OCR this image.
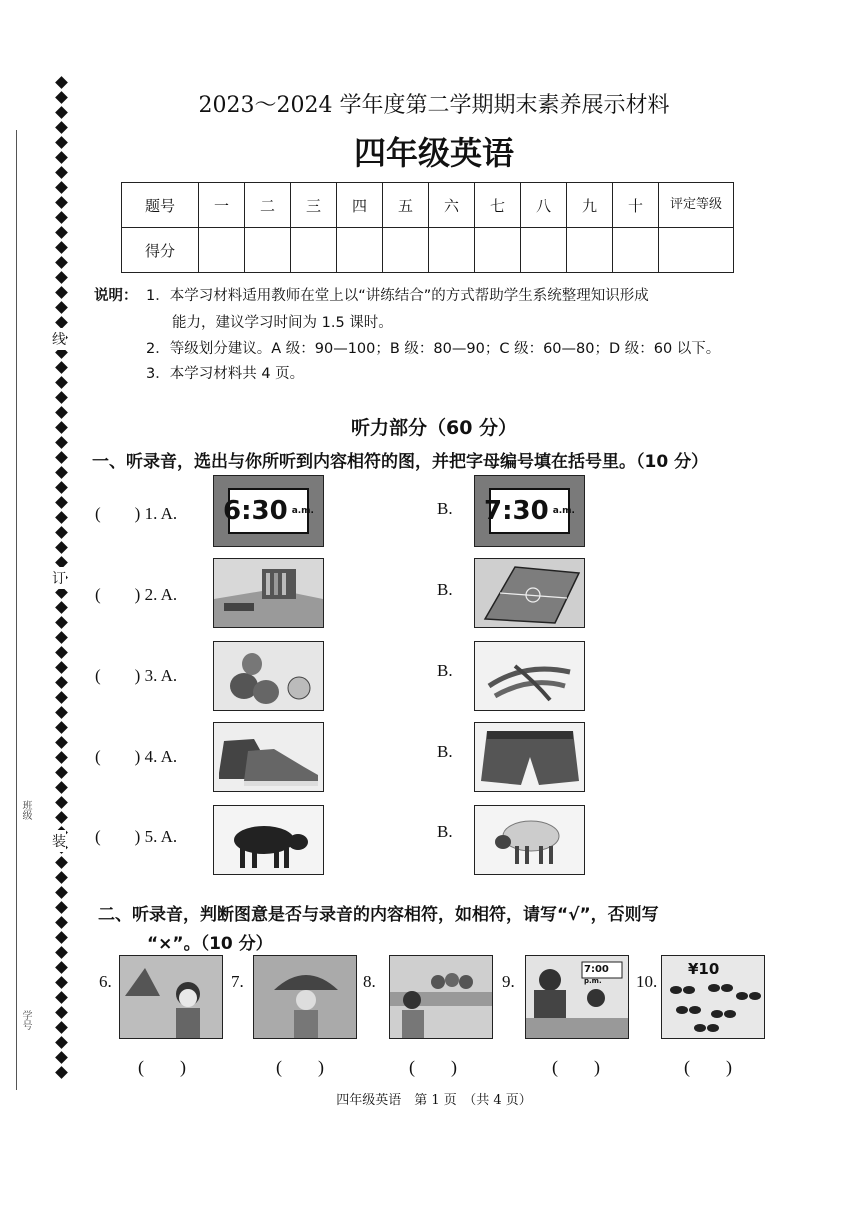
班级
学号
线
订
装
2023～2024 学年度第二学期期末素养展示材料
四年级英语
题号	一	二	三	四	五	六	七	八	九	十	评定等级
得分											
说明： 1．本学习材料适用教师在堂上以“讲练结合”的方式帮助学生系统整理知识形成
能力，建议学习时间为 1.5 课时。
2．等级划分建议。A 级：90—100；B 级：80—90；C 级：60—80；D 级：60 以下。
3．本学习材料共 4 页。
听力部分（60 分）
一、听录音，选出与你所听到内容相符的图，并把字母编号填在括号里。（10 分）
(　　) 1. A. 6:30 a.m.	B. 7:30 a.m.
(　　) 2. A.	B.
(　　) 3. A.	B.
(　　) 4. A.	B.
(　　) 5. A.	B.
二、听录音，判断图意是否与录音的内容相符，如相符，请写“√”，否则写
“×”。（10 分）
6.
(　　)
7.
(　　)
8.
(　　)
9.
7:00 p.m.
(　　)
10.
¥10
(　　)
四年级英语　第 1 页　（共 4 页）
